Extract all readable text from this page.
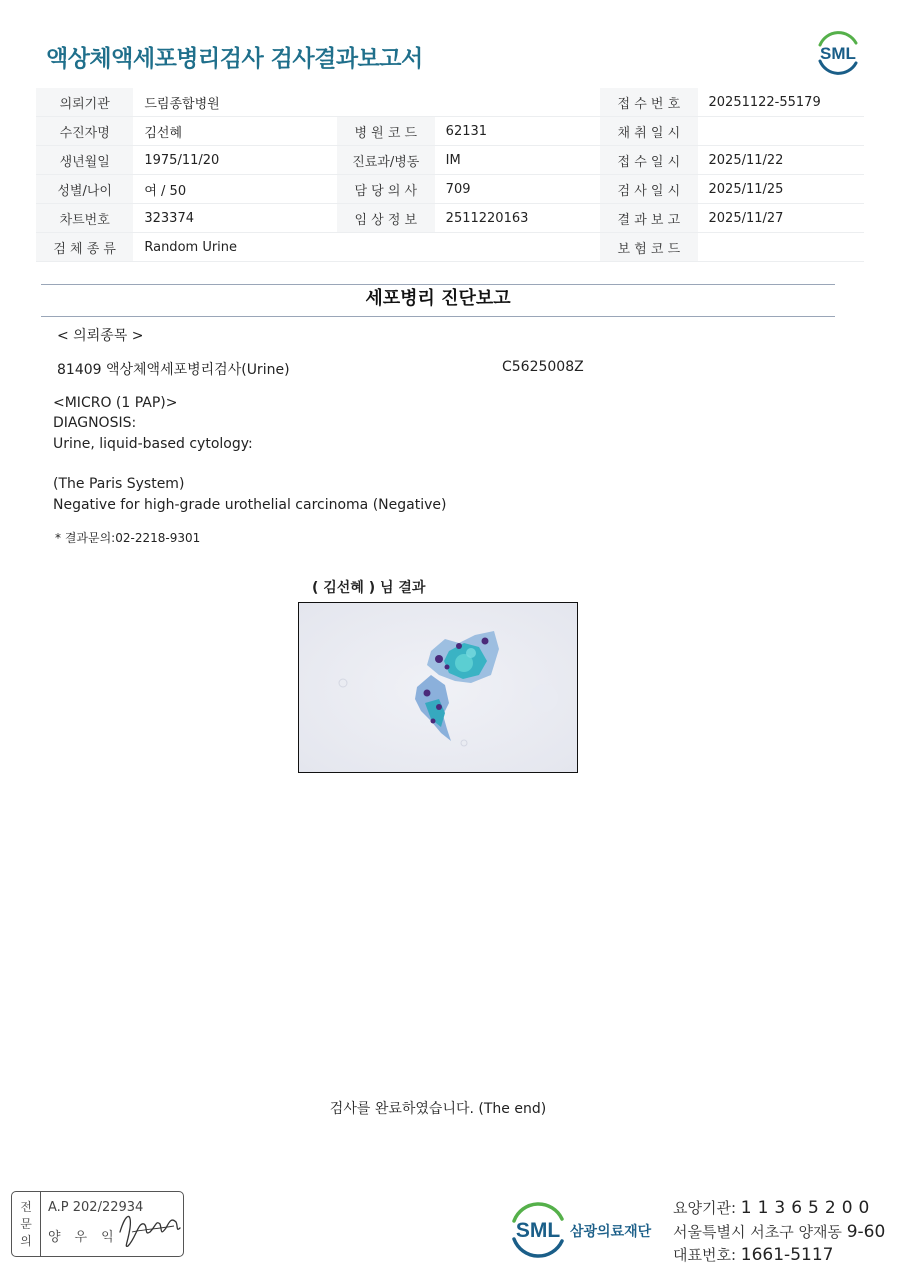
액상체액세포병리검사 검사결과보고서	SML
의뢰기관	드림종합병원			접 수 번 호	20251122-55179
수진자명	김선혜	병 원 코 드	62131	채 취 일 시	
생년월일	1975/11/20	진료과/병동	IM	접 수 일 시	2025/11/22
성별/나이	여 / 50	담 당 의 사	709	검 사 일 시	2025/11/25
차트번호	323374	임 상 정 보	2511220163	결 과 보 고	2025/11/27
검 체 종 류	Random Urine			보 험 코 드	
세포병리 진단보고
< 의뢰종목 >
81409 액상체액세포병리검사(Urine)	C5625008Z
<MICRO (1 PAP)>
DIAGNOSIS:
Urine, liquid-based cytology:
(The Paris System)
Negative for high-grade urothelial carcinoma (Negative)
* 결과문의:02-2218-9301
( 김선혜 ) 님 결과
검사를 완료하였습니다. (The end)
전
문
의
A.P 202/22934
양우익	SML 삼광의료재단
요양기관: 11365200
서울특별시 서초구 양재동 9-60
대표번호: 1661-5117
